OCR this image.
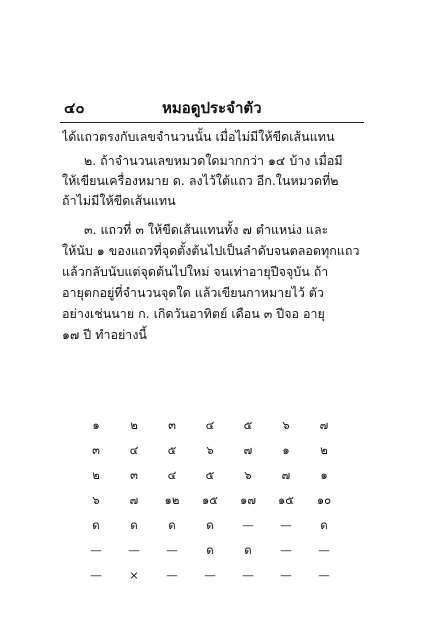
๔๐	หมอดูประจำตัว
ได้แถวตรงกับเลขจำนวนนั้น เมื่อไม่มีให้ขีดเส้นแทน
๒. ถ้าจำนวนเลขหมวดใดมากกว่า ๑๔ บ้าง เมื่อมี
ให้เขียนเครื่องหมาย ด. ลงไว้ใต้แถว อีก.ในหมวดที่๒
ถ้าไม่มีให้ขีดเส้นแทน
๓. แถวที่ ๓ ให้ขีดเส้นแทนทั้ง ๗ ตำแหน่ง และ
ให้นับ ๑ ของแถวที่จุดตั้งต้นไปเป็นลำดับจนตลอดทุกแถว
แล้วกลับนับแต่จุดต้นไปใหม่ จนเท่าอายุปีจจุบัน ถ้า
อายุตกอยู่ที่จำนวนจุดใด แล้วเขียนกาหมายไว้ ตัว
อย่างเช่นนาย ก. เกิดวันอาทิตย์ เดือน ๓ ปีจอ อายุ
๑๗ ปี ทำอย่างนี้
๑	๒	๓	๔	๕	๖	๗
๓	๔	๕	๖	๗	๑	๒
๒	๓	๔	๕	๖	๗	๑
๖	๗	๑๒	๑๕	๑๗	๑๕	๑๐
ด	ด	ด	ด	—	—	ด
—	—	—	ด	ด	—	—
—	×	—	—	—	—	—
